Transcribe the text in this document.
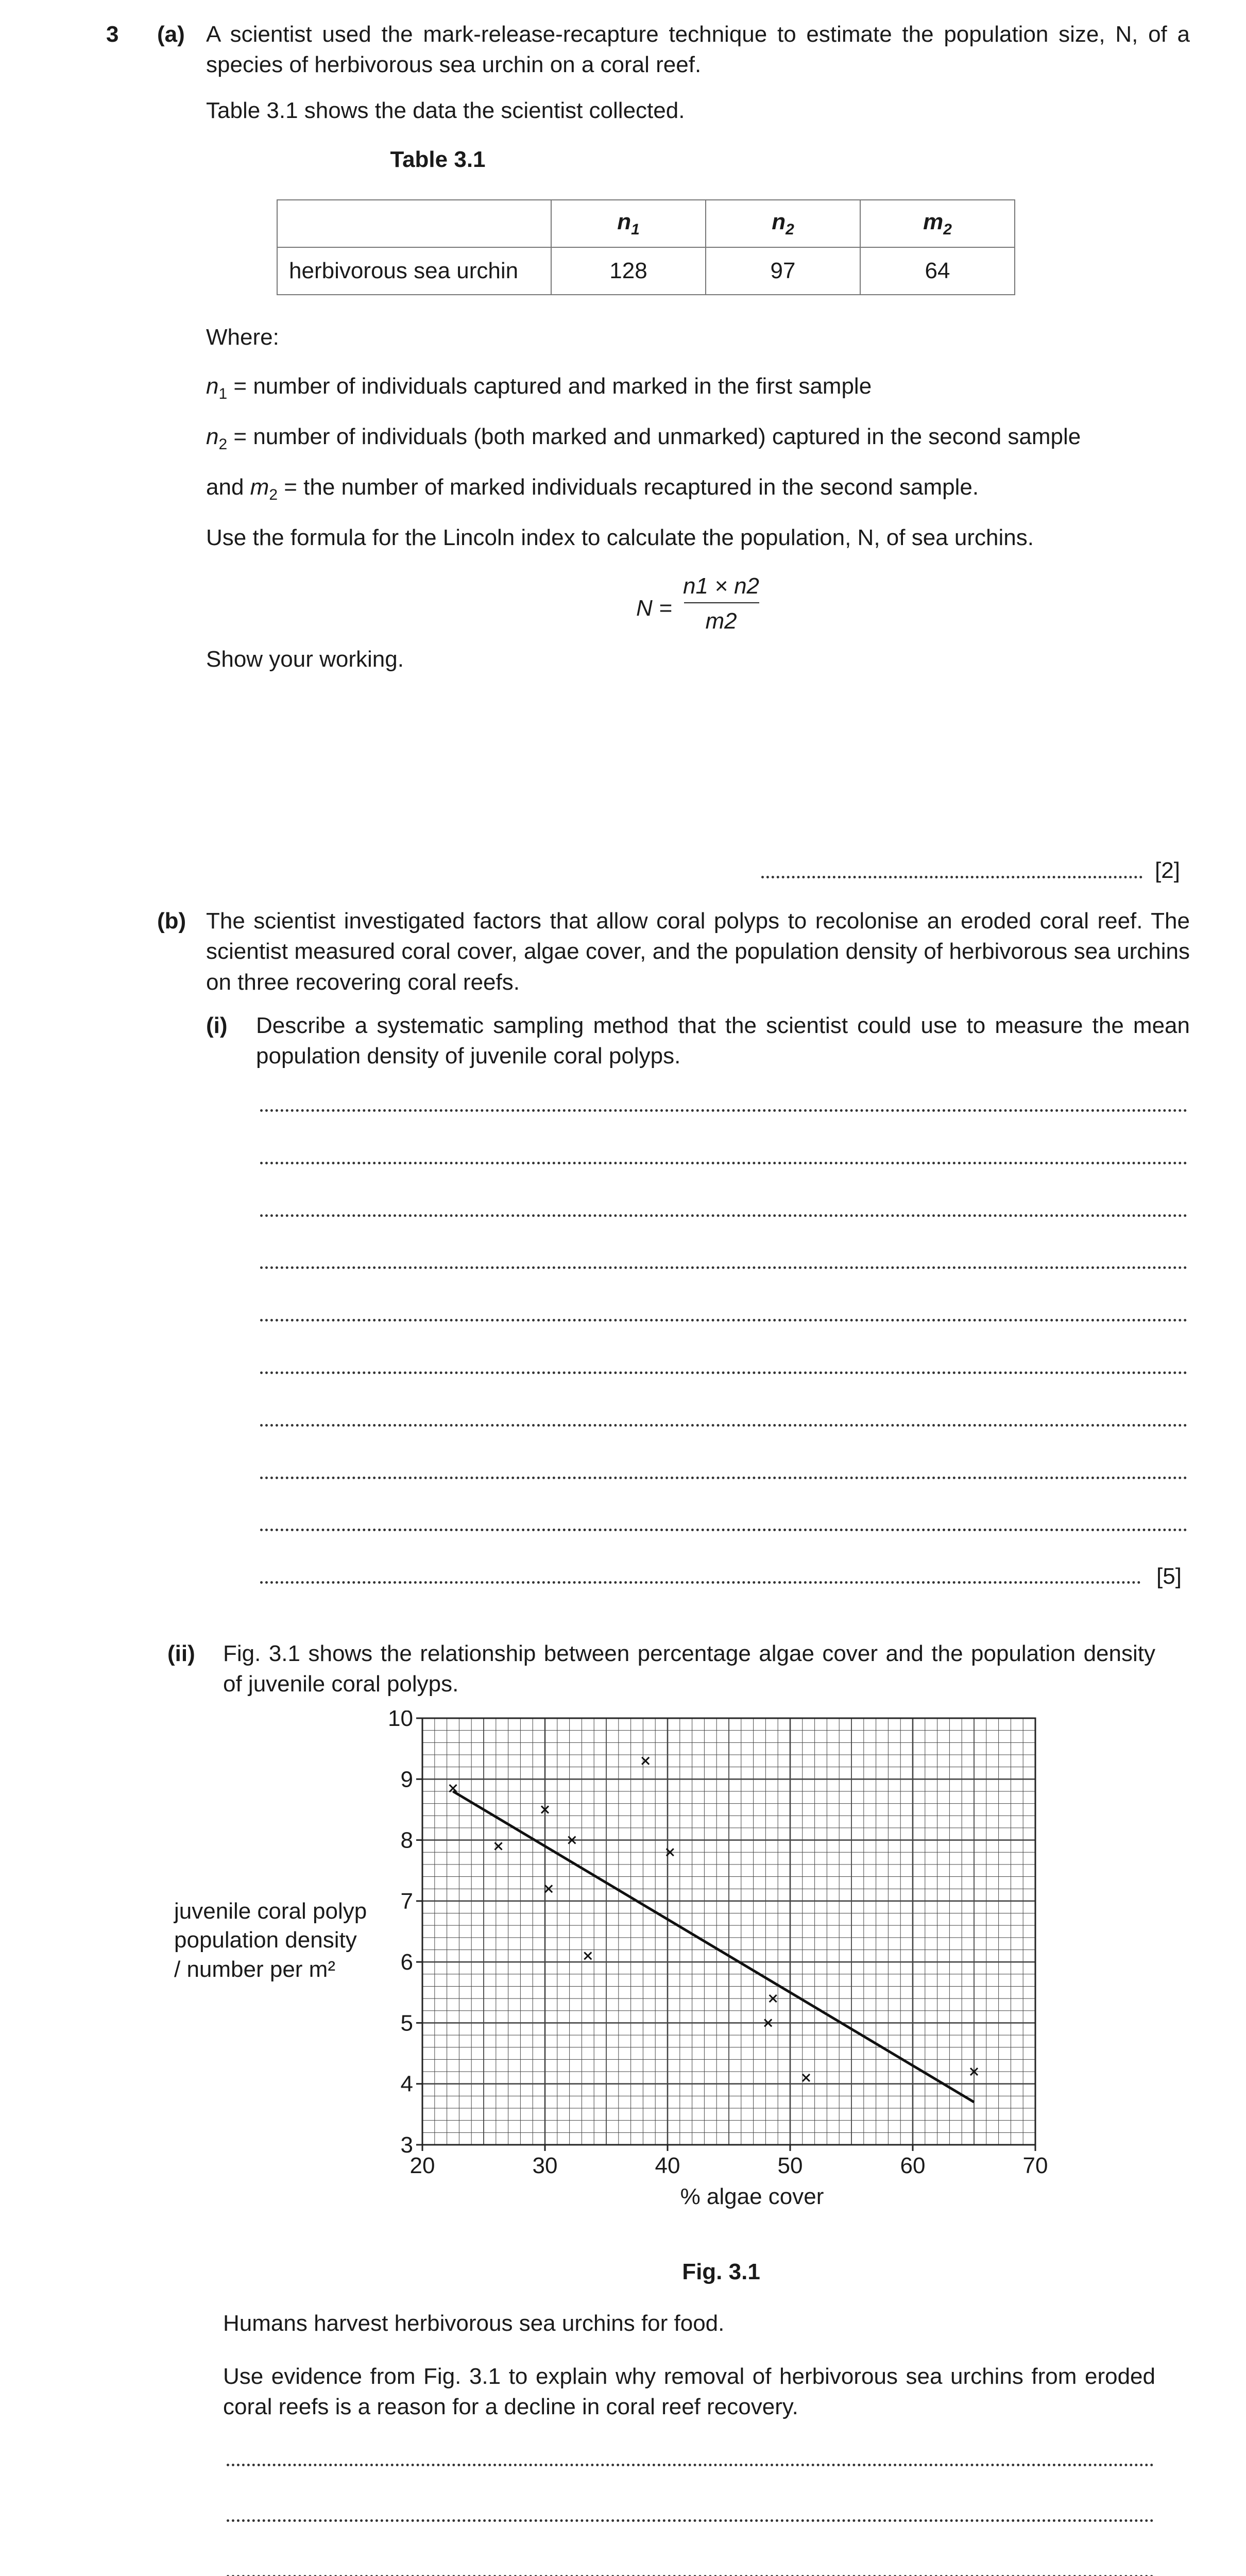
3 (a) A scientist used the mark-release-recapture technique to estimate the population size, N, of a species of herbivorous sea urchin on a coral reef.
Table 3.1 shows the data the scientist collected.
Table 3.1
	$n_1$	$n_2$	$m_2$
herbivorous sea urchin	128	97	64
Where:
$n_1$ = number of individuals captured and marked in the first sample
$n_2$ = number of individuals (both marked and unmarked) captured in the second sample
and $m_2$ = the number of marked individuals recaptured in the second sample.
Use the formula for the Lincoln index to calculate the population, N, of sea urchins.
N =
n1 × n2
m2
Show your working.
[2]
(b) The scientist investigated factors that allow coral polyps to recolonise an eroded coral reef. The scientist measured coral cover, algae cover, and the population density of herbivorous sea urchins on three recovering coral reefs.
(i) Describe a systematic sampling method that the scientist could use to measure the mean population density of juvenile coral polyps.
[5]
(ii) Fig. 3.1 shows the relationship between percentage algae cover and the population density of juvenile coral polyps.
juvenile coral polyp
population density
/ number per m²
20	30	40	50	60	70
3
4
5
6
7
8
9
10
% algae cover
Fig. 3.1
Humans harvest herbivorous sea urchins for food.
Use evidence from Fig. 3.1 to explain why removal of herbivorous sea urchins from eroded coral reefs is a reason for a decline in coral reef recovery.
